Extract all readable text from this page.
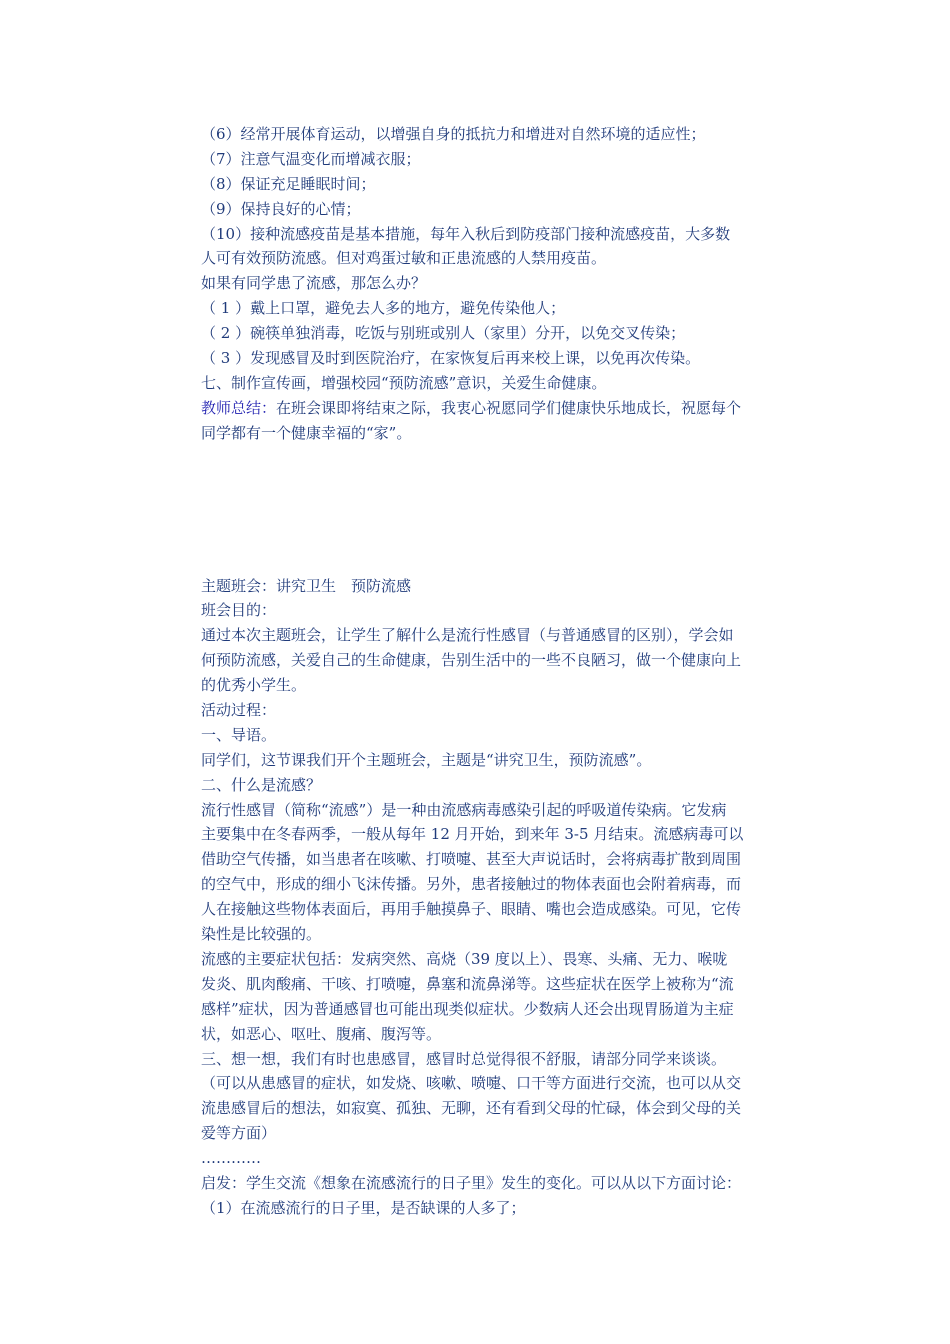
（6）经常开展体育运动，以增强自身的抵抗力和增进对自然环境的适应性；
（7）注意气温变化而增减衣服；
（8）保证充足睡眠时间；
（9）保持良好的心情；
（10）接种流感疫苗是基本措施，每年入秋后到防疫部门接种流感疫苗，大多数
人可有效预防流感。但对鸡蛋过敏和正患流感的人禁用疫苗。
如果有同学患了流感，那怎么办？
（ 1 ）戴上口罩，避免去人多的地方，避免传染他人；
（ 2 ）碗筷单独消毒，吃饭与别班或别人（家里）分开，以免交叉传染；
（ 3 ）发现感冒及时到医院治疗，在家恢复后再来校上课，以免再次传染。
七、制作宣传画，增强校园“预防流感”意识，关爱生命健康。
教师总结：在班会课即将结束之际，我衷心祝愿同学们健康快乐地成长，祝愿每个
同学都有一个健康幸福的“家”。
主题班会：讲究卫生　预防流感
班会目的：
通过本次主题班会，让学生了解什么是流行性感冒（与普通感冒的区别），学会如
何预防流感，关爱自己的生命健康，告别生活中的一些不良陋习，做一个健康向上
的优秀小学生。
活动过程：
一、导语。
同学们，这节课我们开个主题班会，主题是“讲究卫生，预防流感”。
二、什么是流感？
流行性感冒（简称“流感”）是一种由流感病毒感染引起的呼吸道传染病。它发病
主要集中在冬春两季，一般从每年 12 月开始，到来年 3-5 月结束。流感病毒可以
借助空气传播，如当患者在咳嗽、打喷嚏、甚至大声说话时，会将病毒扩散到周围
的空气中，形成的细小飞沫传播。另外，患者接触过的物体表面也会附着病毒，而
人在接触这些物体表面后，再用手触摸鼻子、眼睛、嘴也会造成感染。可见，它传
染性是比较强的。
流感的主要症状包括：发病突然、高烧（39 度以上）、畏寒、头痛、无力、喉咙
发炎、肌肉酸痛、干咳、打喷嚏，鼻塞和流鼻涕等。这些症状在医学上被称为“流
感样”症状，因为普通感冒也可能出现类似症状。少数病人还会出现胃肠道为主症
状，如恶心、呕吐、腹痛、腹泻等。
三、想一想，我们有时也患感冒，感冒时总觉得很不舒服，请部分同学来谈谈。
（可以从患感冒的症状，如发烧、咳嗽、喷嚏、口干等方面进行交流，也可以从交
流患感冒后的想法，如寂寞、孤独、无聊，还有看到父母的忙碌，体会到父母的关
爱等方面）
…………
启发：学生交流《想象在流感流行的日子里》发生的变化。可以从以下方面讨论：
（1）在流感流行的日子里，是否缺课的人多了；
